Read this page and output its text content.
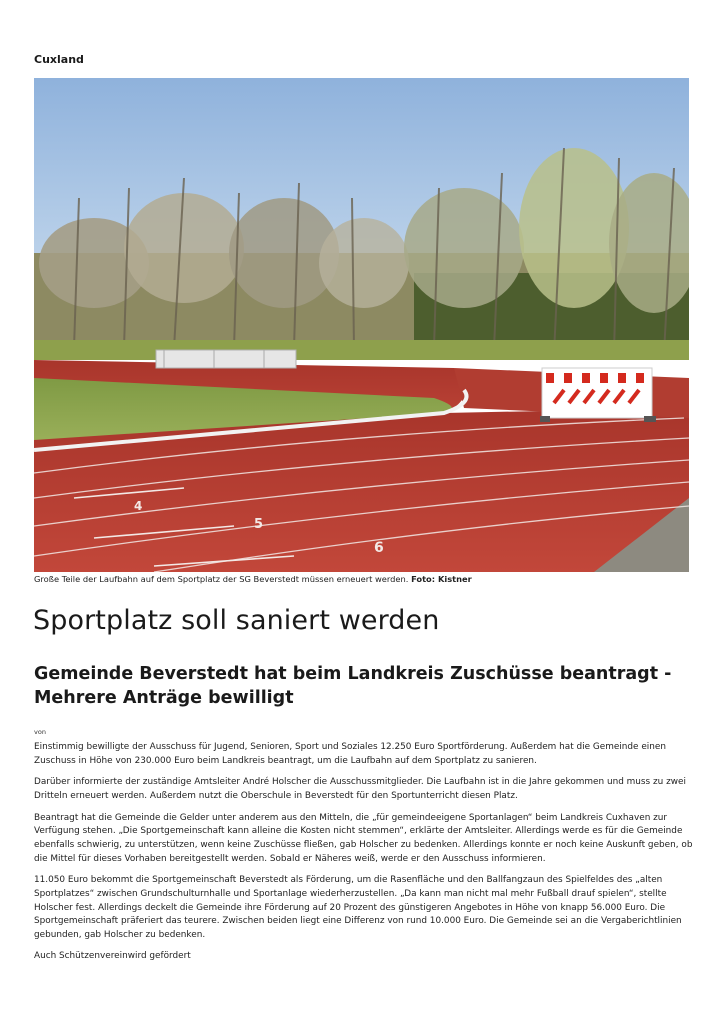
Cuxland
4
5
6
Große Teile der Laufbahn auf dem Sportplatz der SG Beverstedt müssen erneuert werden. Foto: Kistner
Sportplatz soll saniert werden
Gemeinde Beverstedt hat beim Landkreis Zuschüsse beantragt - Mehrere Anträge bewilligt
von

Einstimmig bewilligte der Ausschuss für Jugend, Senioren, Sport und Soziales 12.250 Euro Sportförderung. Außerdem hat die Gemeinde einen Zuschuss in Höhe von 230.000 Euro beim Landkreis beantragt, um die Laufbahn auf dem Sportplatz zu sanieren.

Darüber informierte der zuständige Amtsleiter André Holscher die Ausschussmitglieder. Die Laufbahn ist in die Jahre gekommen und muss zu zwei Dritteln erneuert werden. Außerdem nutzt die Oberschule in Beverstedt für den Sportunterricht diesen Platz.

Beantragt hat die Gemeinde die Gelder unter anderem aus den Mitteln, die „für gemeindeeigene Sportanlagen“ beim Landkreis Cuxhaven zur Verfügung stehen. „Die Sportgemeinschaft kann alleine die Kosten nicht stemmen“, erklärte der Amtsleiter. Allerdings werde es für die Gemeinde ebenfalls schwierig, zu unterstützen, wenn keine Zuschüsse fließen, gab Holscher zu bedenken. Allerdings konnte er noch keine Auskunft geben, ob die Mittel für dieses Vorhaben bereitgestellt werden. Sobald er Näheres weiß, werde er den Ausschuss informieren.

11.050 Euro bekommt die Sportgemeinschaft Beverstedt als Förderung, um die Rasenfläche und den Ballfangzaun des Spielfeldes des „alten Sportplatzes“ zwischen Grundschulturnhalle und Sportanlage wiederherzustellen. „Da kann man nicht mal mehr Fußball drauf spielen“, stellte Holscher fest. Allerdings deckelt die Gemeinde ihre Förderung auf 20 Prozent des günstigeren Angebotes in Höhe von knapp 56.000 Euro. Die Sportgemeinschaft präferiert das teurere. Zwischen beiden liegt eine Differenz von rund 10.000 Euro. Die Gemeinde sei an die Vergaberichtlinien gebunden, gab Holscher zu bedenken.

Auch Schützenvereinwird gefördert
